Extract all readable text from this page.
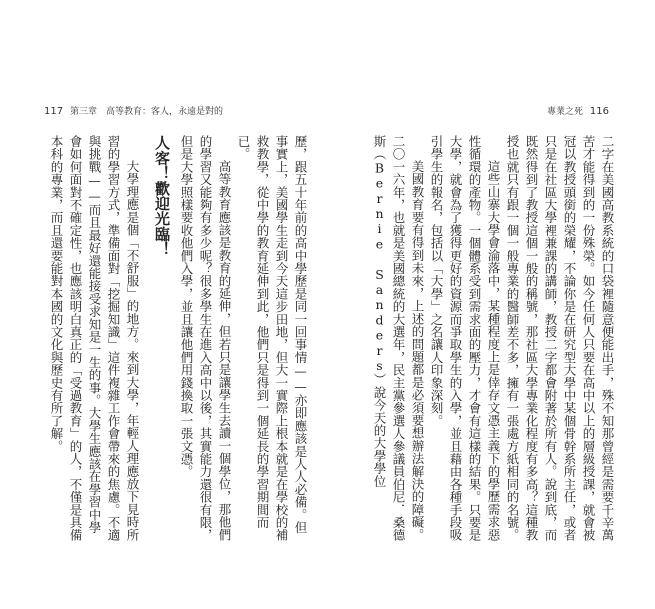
117 第三章　高等教育：客人，永遠是對的	專業之死 116

二字在美國高教系統的口袋裡隨意便能出手，殊不知那曾經是需要千辛萬苦才能得到的一份殊榮。如今任何人只要在高中以上的層級授課，就會被冠以教授頭銜的榮耀，不論你是在研究型大學中某個骨幹系所主任，或者只是在社區大學裡兼課的講師，教授二字都會附著於所有人。說到底，而既然得到了教授這個一般的稱號，那社區大學專業化程度有多高？這種教授也就只有跟一個一般專業的醫師差不多，擁有一張處方紙相同的名號。

這些山寨大學會淪落中，某種程度上是倖存文憑主義下的學歷需求惡性循環的產物。一個體系受到需求面的壓力，才會有這樣的結果。只要是大學，就會為了獲得更好的資源而爭取學生的入學，並且藉由各種手段吸引學生的報名，包括以「大學」之名讓人印象深刻。

美國教育要有得到未來，上述的問題都是必須要想辦法解決的障礙。二〇一六年，也就是美國總統的大選年，民主黨參選人參議員伯尼．桑德斯（Bernie Sanders）說今天的大學學位

歷，跟五十年前的高中學歷是同一回事情——亦即應該是人人必備。但事實上，美國學生走到今天這步田地，但大一實際上根本就是在學校的補救教學，從中學的教育延伸到此，他們只是得到一個延長的學習期間而已。

高等教育應該是教育的延伸，但若只是讓學生去讀一個學位，那他們的學習又能夠有多少呢？很多學生在進入高中以後，其實能力還很有限，但是大學照樣要收他們入學，並且讓他們用錢換取一張文憑。

人客！歡迎光臨！

大學理應是個「不舒服」的地方。來到大學，年輕人理應放下見時所習的學習方式，準備面對「挖掘知識」這件複雜工作會帶來的焦慮。不適與挑戰——而且最好還能接受求知是一生的事。大學生應該在學習中學會如何面對不確定性，也應該明白真正的「受過教育」的人，不僅是具備本科的專業，而且還要能對本國的文化與歷史有所了解。
